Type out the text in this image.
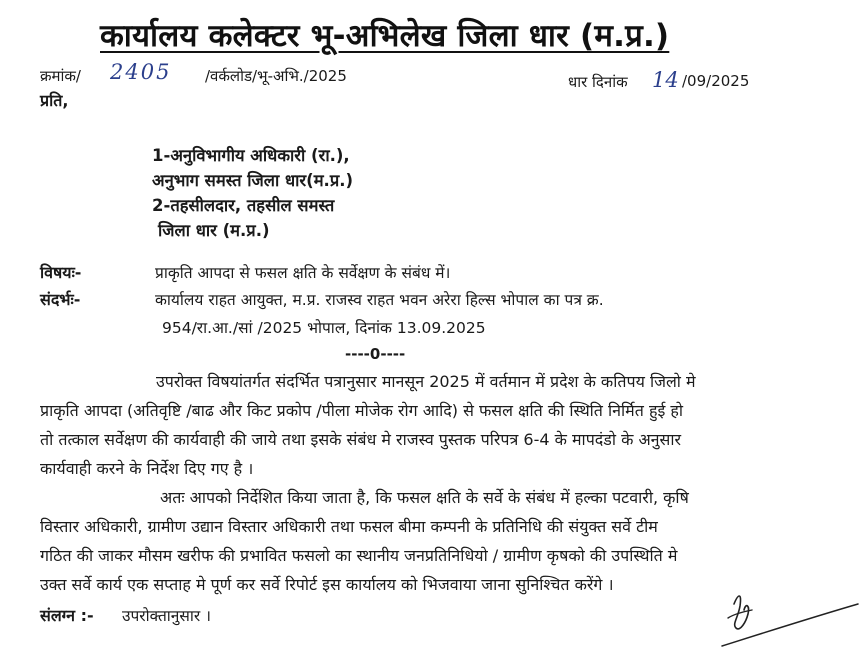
कार्यालय कलेक्टर भू-अभिलेख जिला धार (म.प्र.)
क्रमांक/ 2405 /वर्कलोड/भू-अभि./2025	धार दिनांक 14 /09/2025
प्रति,
1-अनुविभागीय अधिकारी (रा.),
अनुभाग समस्त जिला धार(म.प्र.)
2-तहसीलदार, तहसील समस्त
जिला धार (म.प्र.)
विषयः-	प्राकृति आपदा से फसल क्षति के सर्वेक्षण के संबंध में।
संदर्भः-	कार्यालय राहत आयुक्त, म.प्र. राजस्व राहत भवन अरेरा हिल्स भोपाल का पत्र क्र.
954/रा.आ./सां /2025 भोपाल, दिनांक 13.09.2025
----0----
उपरोक्त विषयांतर्गत संदर्भित पत्रानुसार मानसून 2025 में वर्तमान में प्रदेश के कतिपय जिलो मे
प्राकृति आपदा (अतिवृष्टि /बाढ और किट प्रकोप /पीला मोजेक रोग आदि) से फसल क्षति की स्थिति निर्मित हुई हो
तो तत्काल सर्वेक्षण की कार्यवाही की जाये तथा इसके संबंध मे राजस्व पुस्तक परिपत्र 6-4 के मापदंडो के अनुसार
कार्यवाही करने के निर्देश दिए गए है ।
अतः आपको निर्देशित किया जाता है, कि फसल क्षति के सर्वे के संबंध में हल्का पटवारी, कृषि
विस्तार अधिकारी, ग्रामीण उद्यान विस्तार अधिकारी तथा फसल बीमा कम्पनी के प्रतिनिधि की संयुक्त सर्वे टीम
गठित की जाकर मौसम खरीफ की प्रभावित फसलो का स्थानीय जनप्रतिनिधियो / ग्रामीण कृषको की उपस्थिति मे
उक्त सर्वे कार्य एक सप्ताह मे पूर्ण कर सर्वे रिपोर्ट इस कार्यालय को भिजवाया जाना सुनिश्चित करेंगे ।
संलग्न :- उपरोक्तानुसार ।
